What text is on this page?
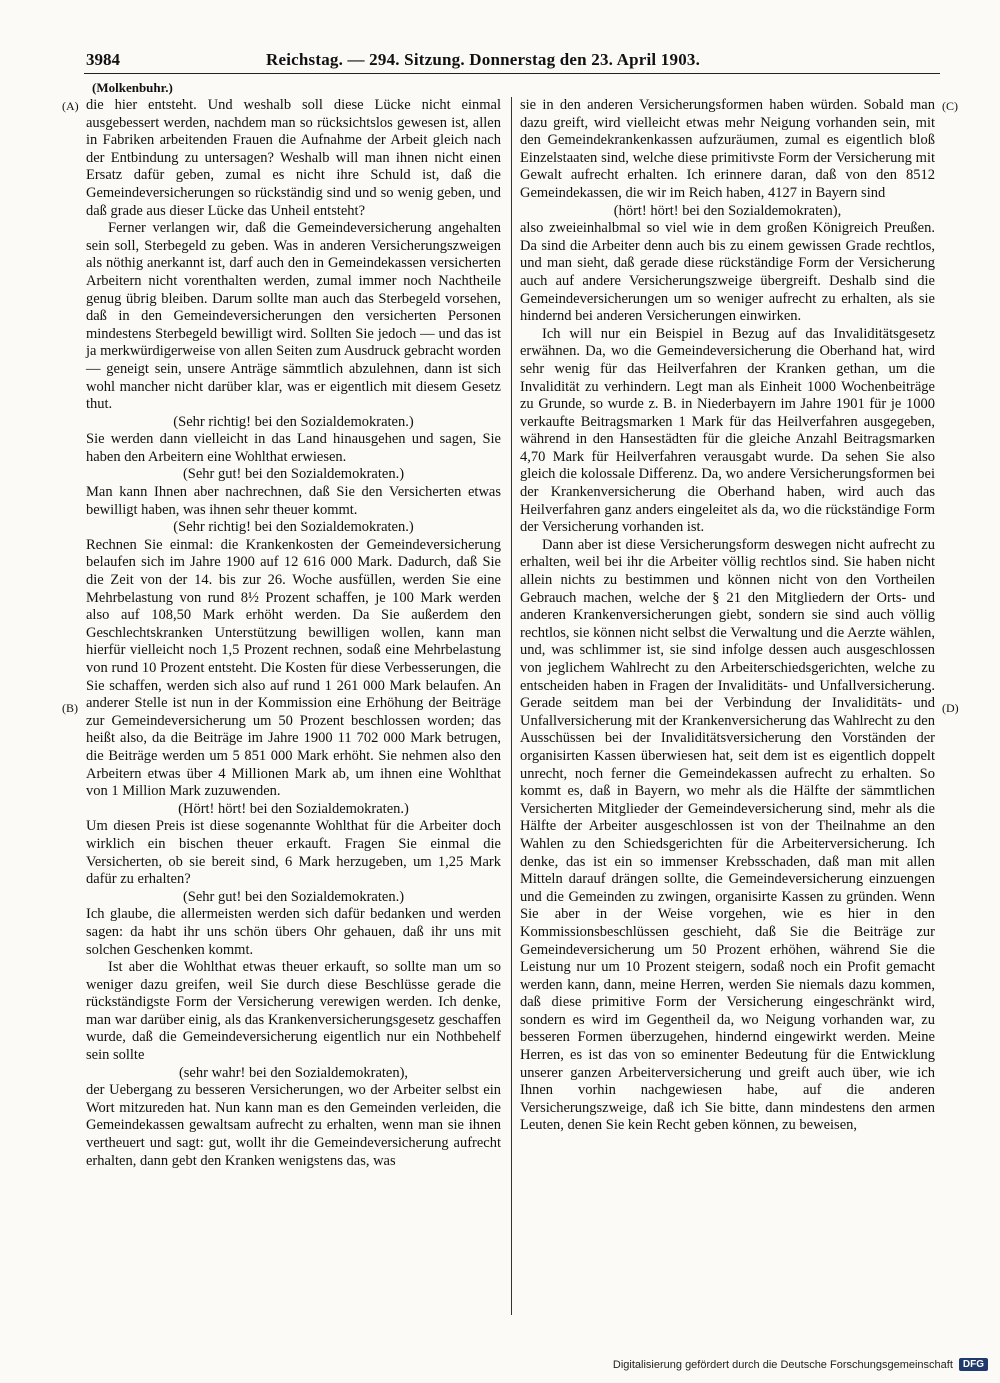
3984	Reichstag. — 294. Sitzung. Donnerstag den 23. April 1903.
(Molkenbuhr.)
(A)
(B)
(C)
(D)

die hier entsteht. Und weshalb soll diese Lücke nicht einmal ausgebessert werden, nachdem man so rücksichtslos gewesen ist, allen in Fabriken arbeitenden Frauen die Aufnahme der Arbeit gleich nach der Entbindung zu untersagen? Weshalb will man ihnen nicht einen Ersatz dafür geben, zumal es nicht ihre Schuld ist, daß die Gemeindeversicherungen so rückständig sind und so wenig geben, und daß grade aus dieser Lücke das Unheil entsteht?

Ferner verlangen wir, daß die Gemeindeversicherung angehalten sein soll, Sterbegeld zu geben. Was in anderen Versicherungszweigen als nöthig anerkannt ist, darf auch den in Gemeindekassen versicherten Arbeitern nicht vorenthalten werden, zumal immer noch Nachtheile genug übrig bleiben. Darum sollte man auch das Sterbegeld vorsehen, daß in den Gemeindeversicherungen den versicherten Personen mindestens Sterbegeld bewilligt wird. Sollten Sie jedoch — und das ist ja merkwürdigerweise von allen Seiten zum Ausdruck gebracht worden — geneigt sein, unsere Anträge sämmtlich abzulehnen, dann ist sich wohl mancher nicht darüber klar, was er eigentlich mit diesem Gesetz thut.

(Sehr richtig! bei den Sozialdemokraten.)

Sie werden dann vielleicht in das Land hinausgehen und sagen, Sie haben den Arbeitern eine Wohlthat erwiesen.

(Sehr gut! bei den Sozialdemokraten.)

Man kann Ihnen aber nachrechnen, daß Sie den Versicherten etwas bewilligt haben, was ihnen sehr theuer kommt.

(Sehr richtig! bei den Sozialdemokraten.)

Rechnen Sie einmal: die Krankenkosten der Gemeindeversicherung belaufen sich im Jahre 1900 auf 12 616 000 Mark. Dadurch, daß Sie die Zeit von der 14. bis zur 26. Woche ausfüllen, werden Sie eine Mehrbelastung von rund 8½ Prozent schaffen, je 100 Mark werden also auf 108,50 Mark erhöht werden. Da Sie außerdem den Geschlechtskranken Unterstützung bewilligen wollen, kann man hierfür vielleicht noch 1,5 Prozent rechnen, sodaß eine Mehrbelastung von rund 10 Prozent entsteht. Die Kosten für diese Verbesserungen, die Sie schaffen, werden sich also auf rund 1 261 000 Mark belaufen. An anderer Stelle ist nun in der Kommission eine Erhöhung der Beiträge zur Gemeindeversicherung um 50 Prozent beschlossen worden; das heißt also, da die Beiträge im Jahre 1900 11 702 000 Mark betrugen, die Beiträge werden um 5 851 000 Mark erhöht. Sie nehmen also den Arbeitern etwas über 4 Millionen Mark ab, um ihnen eine Wohlthat von 1 Million Mark zuzuwenden.

(Hört! hört! bei den Sozialdemokraten.)

Um diesen Preis ist diese sogenannte Wohlthat für die Arbeiter doch wirklich ein bischen theuer erkauft. Fragen Sie einmal die Versicherten, ob sie bereit sind, 6 Mark herzugeben, um 1,25 Mark dafür zu erhalten?

(Sehr gut! bei den Sozialdemokraten.)

Ich glaube, die allermeisten werden sich dafür bedanken und werden sagen: da habt ihr uns schön übers Ohr gehauen, daß ihr uns mit solchen Geschenken kommt.

Ist aber die Wohlthat etwas theuer erkauft, so sollte man um so weniger dazu greifen, weil Sie durch diese Beschlüsse gerade die rückständigste Form der Versicherung verewigen werden. Ich denke, man war darüber einig, als das Krankenversicherungsgesetz geschaffen wurde, daß die Gemeindeversicherung eigentlich nur ein Nothbehelf sein sollte

(sehr wahr! bei den Sozialdemokraten),

der Uebergang zu besseren Versicherungen, wo der Arbeiter selbst ein Wort mitzureden hat. Nun kann man es den Gemeinden verleiden, die Gemeindekassen gewaltsam aufrecht zu erhalten, wenn man sie ihnen vertheuert und sagt: gut, wollt ihr die Gemeindeversicherung aufrecht erhalten, dann gebt den Kranken wenigstens das, was

sie in den anderen Versicherungsformen haben würden. Sobald man dazu greift, wird vielleicht etwas mehr Neigung vorhanden sein, mit den Gemeindekrankenkassen aufzuräumen, zumal es eigentlich bloß Einzelstaaten sind, welche diese primitivste Form der Versicherung mit Gewalt aufrecht erhalten. Ich erinnere daran, daß von den 8512 Gemeindekassen, die wir im Reich haben, 4127 in Bayern sind

(hört! hört! bei den Sozialdemokraten),

also zweieinhalbmal so viel wie in dem großen Königreich Preußen. Da sind die Arbeiter denn auch bis zu einem gewissen Grade rechtlos, und man sieht, daß gerade diese rückständige Form der Versicherung auch auf andere Versicherungszweige übergreift. Deshalb sind die Gemeindeversicherungen um so weniger aufrecht zu erhalten, als sie hindernd bei anderen Versicherungen einwirken.

Ich will nur ein Beispiel in Bezug auf das Invaliditätsgesetz erwähnen. Da, wo die Gemeindeversicherung die Oberhand hat, wird sehr wenig für das Heilverfahren der Kranken gethan, um die Invalidität zu verhindern. Legt man als Einheit 1000 Wochenbeiträge zu Grunde, so wurde z. B. in Niederbayern im Jahre 1901 für je 1000 verkaufte Beitragsmarken 1 Mark für das Heilverfahren ausgegeben, während in den Hansestädten für die gleiche Anzahl Beitragsmarken 4,70 Mark für Heilverfahren verausgabt wurde. Da sehen Sie also gleich die kolossale Differenz. Da, wo andere Versicherungsformen bei der Krankenversicherung die Oberhand haben, wird auch das Heilverfahren ganz anders eingeleitet als da, wo die rückständige Form der Versicherung vorhanden ist.

Dann aber ist diese Versicherungsform deswegen nicht aufrecht zu erhalten, weil bei ihr die Arbeiter völlig rechtlos sind. Sie haben nicht allein nichts zu bestimmen und können nicht von den Vortheilen Gebrauch machen, welche der § 21 den Mitgliedern der Orts- und anderen Krankenversicherungen giebt, sondern sie sind auch völlig rechtlos, sie können nicht selbst die Verwaltung und die Aerzte wählen, und, was schlimmer ist, sie sind infolge dessen auch ausgeschlossen von jeglichem Wahlrecht zu den Arbeiterschiedsgerichten, welche zu entscheiden haben in Fragen der Invaliditäts- und Unfallversicherung. Gerade seitdem man bei der Verbindung der Invaliditäts- und Unfallversicherung mit der Krankenversicherung das Wahlrecht zu den Ausschüssen bei der Invaliditätsversicherung den Vorständen der organisirten Kassen überwiesen hat, seit dem ist es eigentlich doppelt unrecht, noch ferner die Gemeindekassen aufrecht zu erhalten. So kommt es, daß in Bayern, wo mehr als die Hälfte der sämmtlichen Versicherten Mitglieder der Gemeindeversicherung sind, mehr als die Hälfte der Arbeiter ausgeschlossen ist von der Theilnahme an den Wahlen zu den Schiedsgerichten für die Arbeiterversicherung. Ich denke, das ist ein so immenser Krebsschaden, daß man mit allen Mitteln darauf drängen sollte, die Gemeindeversicherung einzuengen und die Gemeinden zu zwingen, organisirte Kassen zu gründen. Wenn Sie aber in der Weise vorgehen, wie es hier in den Kommissionsbeschlüssen geschieht, daß Sie die Beiträge zur Gemeindeversicherung um 50 Prozent erhöhen, während Sie die Leistung nur um 10 Prozent steigern, sodaß noch ein Profit gemacht werden kann, dann, meine Herren, werden Sie niemals dazu kommen, daß diese primitive Form der Versicherung eingeschränkt wird, sondern es wird im Gegentheil da, wo Neigung vorhanden war, zu besseren Formen überzugehen, hindernd eingewirkt werden. Meine Herren, es ist das von so eminenter Bedeutung für die Entwicklung unserer ganzen Arbeiterversicherung und greift auch über, wie ich Ihnen vorhin nachgewiesen habe, auf die anderen Versicherungszweige, daß ich Sie bitte, dann mindestens den armen Leuten, denen Sie kein Recht geben können, zu beweisen,

Digitalisierung gefördert durch die Deutsche Forschungsgemeinschaft	DFG
